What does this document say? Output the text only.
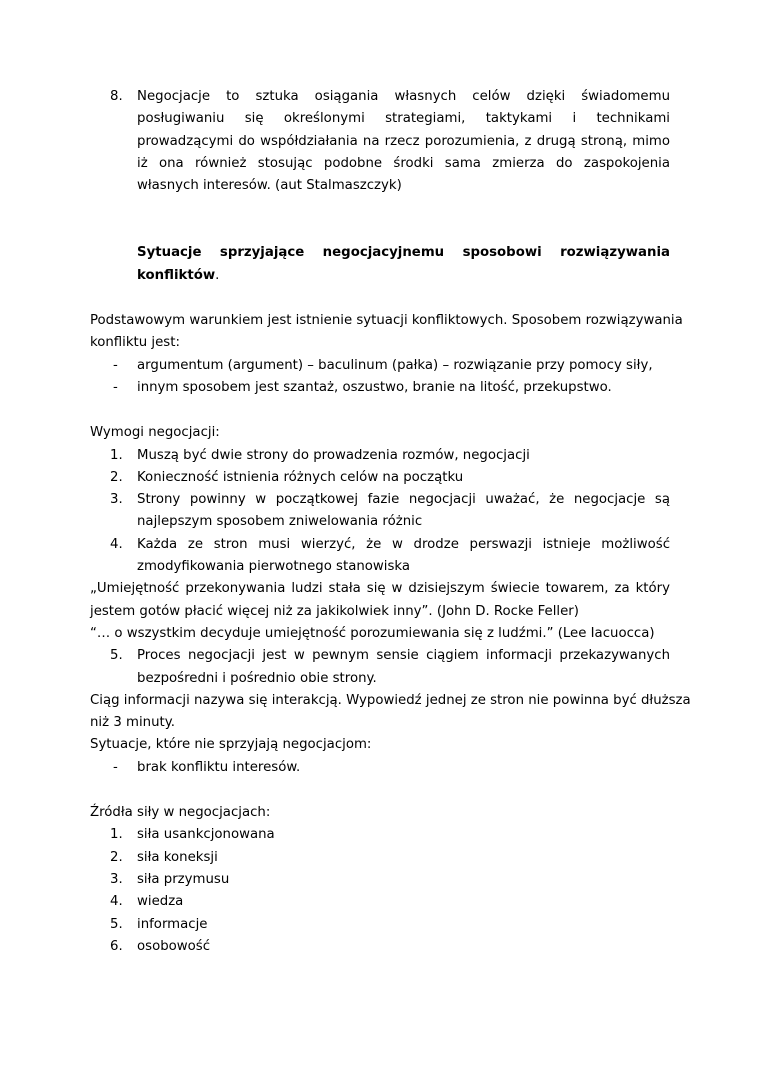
8.	Negocjacje to sztuka osiągania własnych celów dzięki świadomemu
posługiwaniu się określonymi strategiami, taktykami i technikami
prowadzącymi do współdziałania na rzecz porozumienia, z drugą stroną, mimo
iż ona również stosując podobne środki sama zmierza do zaspokojenia
własnych interesów. (aut Stalmaszczyk)
Sytuacje sprzyjające negocjacyjnemu sposobowi rozwiązywania
konfliktów.
Podstawowym warunkiem jest istnienie sytuacji konfliktowych. Sposobem rozwiązywania
konfliktu jest:
- argumentum (argument) – baculinum (pałka) – rozwiązanie przy pomocy siły,
- innym sposobem jest szantaż, oszustwo, branie na litość, przekupstwo.
Wymogi negocjacji:
1.	Muszą być dwie strony do prowadzenia rozmów, negocjacji
2.	Konieczność istnienia różnych celów na początku
3.	Strony powinny w początkowej fazie negocjacji uważać, że negocjacje są
najlepszym sposobem zniwelowania różnic
4.	Każda ze stron musi wierzyć, że w drodze perswazji istnieje możliwość
zmodyfikowania pierwotnego stanowiska
„Umiejętność przekonywania ludzi stała się w dzisiejszym świecie towarem, za który
jestem gotów płacić więcej niż za jakikolwiek inny”. (John D. Rocke Feller)
“… o wszystkim decyduje umiejętność porozumiewania się z ludźmi.” (Lee Iacuocca)
5.	Proces negocjacji jest w pewnym sensie ciągiem informacji przekazywanych
bezpośredni i pośrednio obie strony.
Ciąg informacji nazywa się interakcją. Wypowiedź jednej ze stron nie powinna być dłuższa
niż 3 minuty.
Sytuacje, które nie sprzyjają negocjacjom:
- brak konfliktu interesów.
Źródła siły w negocjacjach:
1.	siła usankcjonowana
2.	siła koneksji
3.	siła przymusu
4.	wiedza
5.	informacje
6.	osobowość
